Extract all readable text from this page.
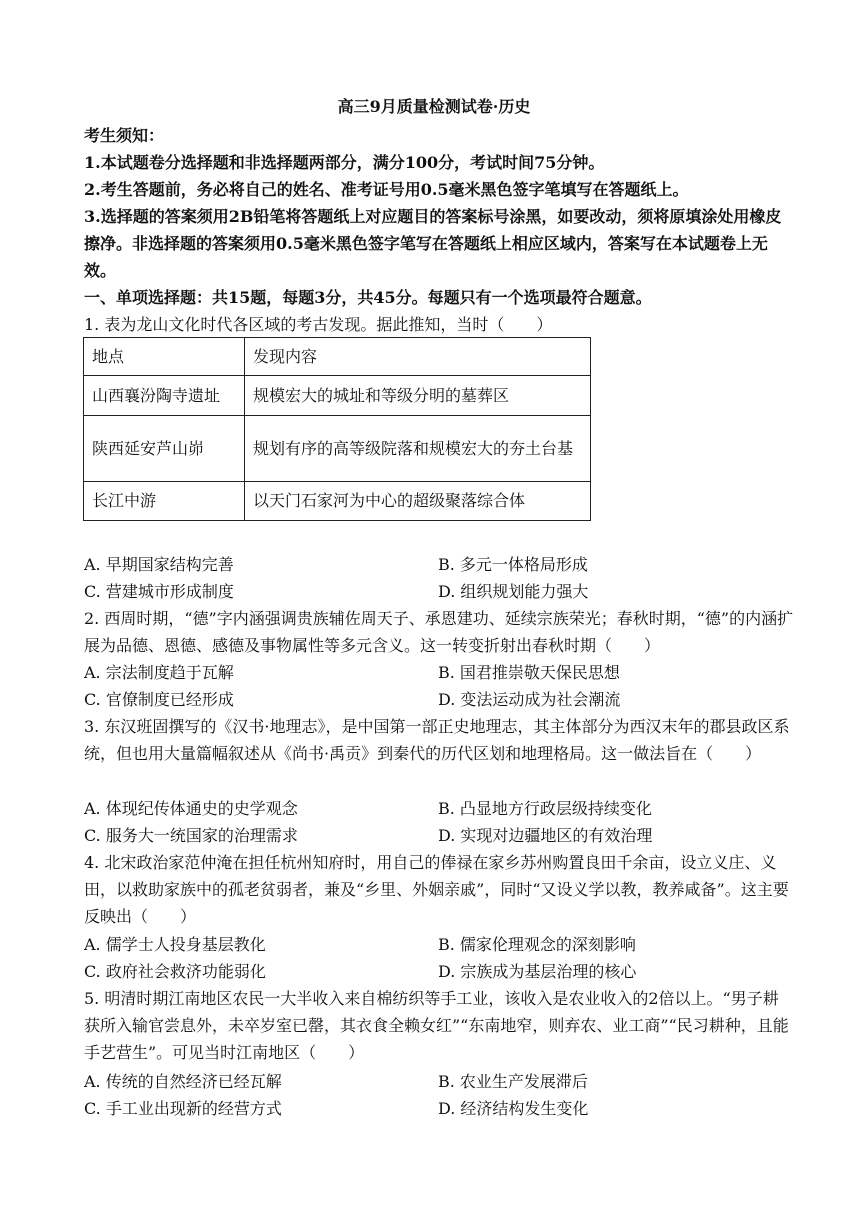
高三9月质量检测试卷·历史
考生须知：
1.本试题卷分选择题和非选择题两部分，满分100分，考试时间75分钟。
2.考生答题前，务必将自己的姓名、准考证号用0.5毫米黑色签字笔填写在答题纸上。
3.选择题的答案须用2B铅笔将答题纸上对应题目的答案标号涂黑，如要改动，须将原填涂处用橡皮擦净。非选择题的答案须用0.5毫米黑色签字笔写在答题纸上相应区域内，答案写在本试题卷上无效。
一、单项选择题：共15题，每题3分，共45分。每题只有一个选项最符合题意。
1. 表为龙山文化时代各区域的考古发现。据此推知，当时（　　）
地点	发现内容
山西襄汾陶寺遗址	规模宏大的城址和等级分明的墓葬区
陕西延安芦山峁	规划有序的高等级院落和规模宏大的夯土台基
长江中游	以天门石家河为中心的超级聚落综合体
A. 早期国家结构完善	B. 多元一体格局形成
C. 营建城市形成制度	D. 组织规划能力强大
2. 西周时期，“德”字内涵强调贵族辅佐周天子、承恩建功、延续宗族荣光；春秋时期，“德”的内涵扩展为品德、恩德、感德及事物属性等多元含义。这一转变折射出春秋时期（　　）
A. 宗法制度趋于瓦解	B. 国君推崇敬天保民思想
C. 官僚制度已经形成	D. 变法运动成为社会潮流
3. 东汉班固撰写的《汉书·地理志》，是中国第一部正史地理志，其主体部分为西汉末年的郡县政区系统，但也用大量篇幅叙述从《尚书·禹贡》到秦代的历代区划和地理格局。这一做法旨在（　　）
A. 体现纪传体通史的史学观念	B. 凸显地方行政层级持续变化
C. 服务大一统国家的治理需求	D. 实现对边疆地区的有效治理
4. 北宋政治家范仲淹在担任杭州知府时，用自己的俸禄在家乡苏州购置良田千余亩，设立义庄、义田，以救助家族中的孤老贫弱者，兼及“乡里、外姻亲戚”，同时“又设义学以教，教养咸备”。这主要反映出（　　）
A. 儒学士人投身基层教化	B. 儒家伦理观念的深刻影响
C. 政府社会救济功能弱化	D. 宗族成为基层治理的核心
5. 明清时期江南地区农民一大半收入来自棉纺织等手工业，该收入是农业收入的2倍以上。“男子耕获所入输官尝息外，未卒岁室已罄，其衣食全赖女红”“东南地窄，则弃农、业工商”“民习耕种，且能手艺营生”。可见当时江南地区（　　）
A. 传统的自然经济已经瓦解	B. 农业生产发展滞后
C. 手工业出现新的经营方式	D. 经济结构发生变化
